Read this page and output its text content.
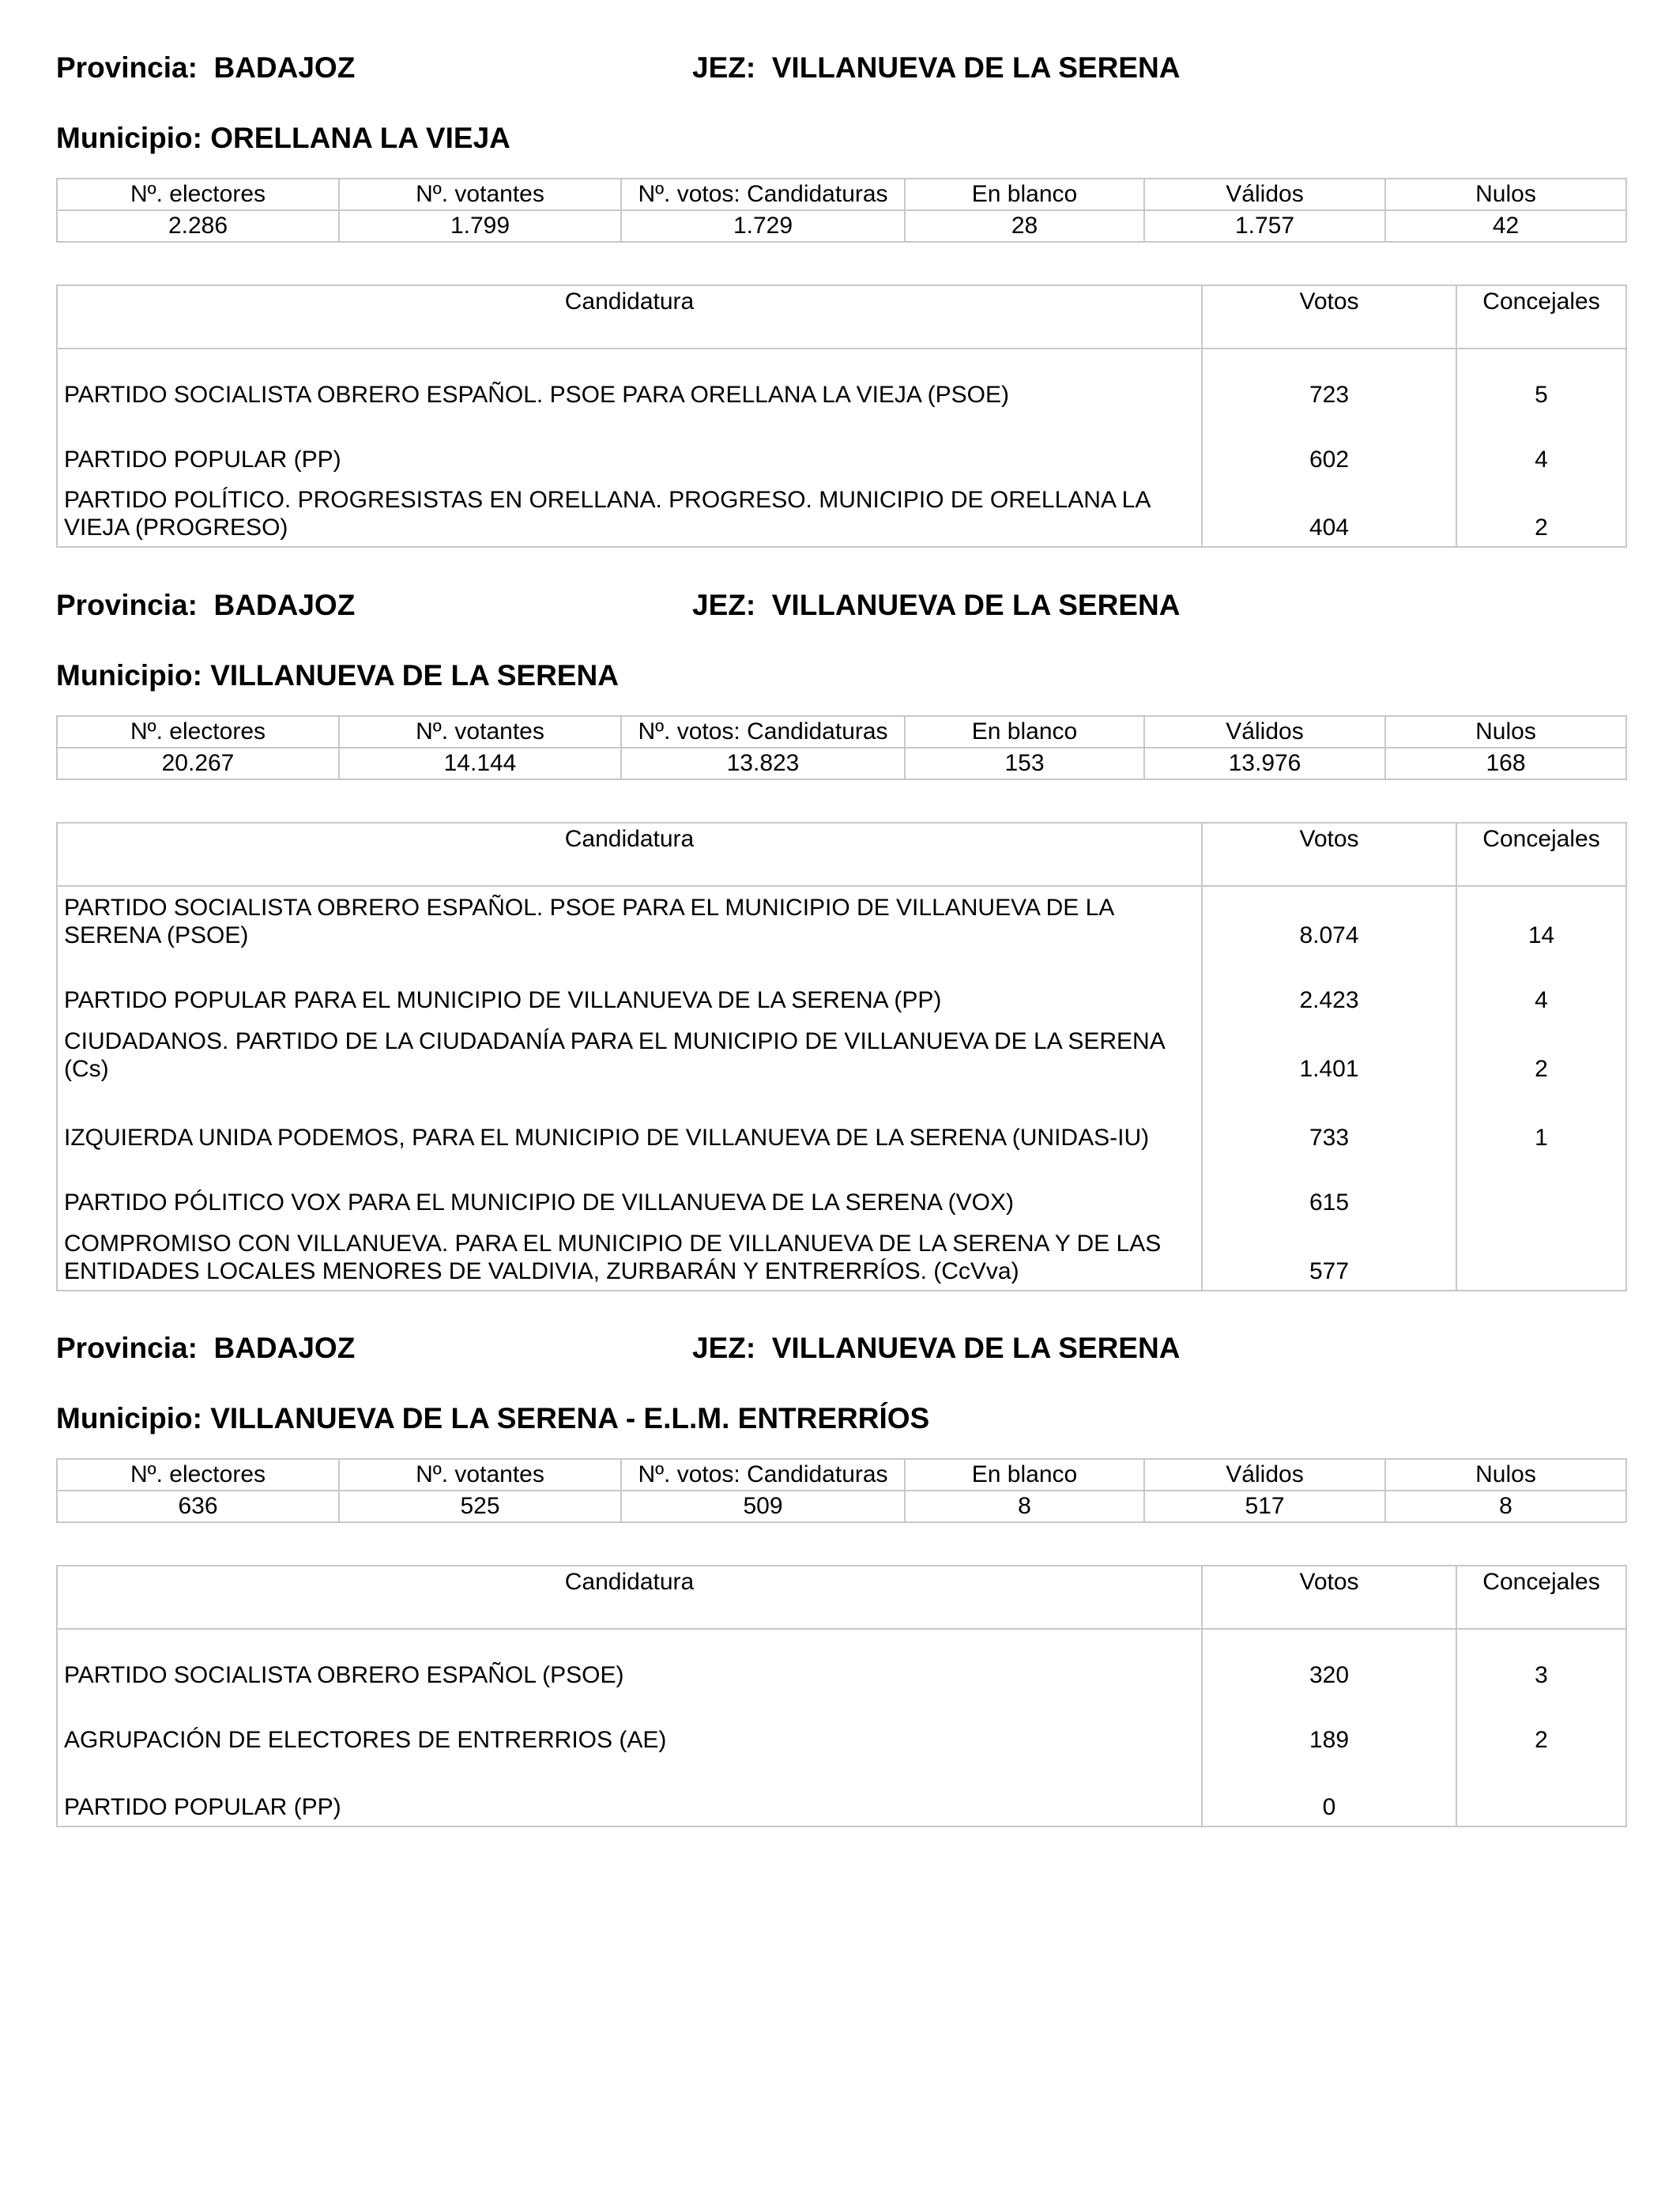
Provincia: BADAJOZ	JEZ: VILLANUEVA DE LA SERENA
Municipio: ORELLANA LA VIEJA
Nº. electores	Nº. votantes	Nº. votos: Candidaturas	En blanco	Válidos	Nulos
2.286	1.799	1.729	28	1.757	42
Candidatura	Votos	Concejales
PARTIDO SOCIALISTA OBRERO ESPAÑOL. PSOE PARA ORELLANA LA VIEJA (PSOE)	723	5
PARTIDO POPULAR (PP)	602	4
PARTIDO POLÍTICO. PROGRESISTAS EN ORELLANA. PROGRESO. MUNICIPIO DE ORELLANA LA VIEJA (PROGRESO)	404	2
Provincia: BADAJOZ	JEZ: VILLANUEVA DE LA SERENA
Municipio: VILLANUEVA DE LA SERENA
Nº. electores	Nº. votantes	Nº. votos: Candidaturas	En blanco	Válidos	Nulos
20.267	14.144	13.823	153	13.976	168
Candidatura	Votos	Concejales
PARTIDO SOCIALISTA OBRERO ESPAÑOL. PSOE PARA EL MUNICIPIO DE VILLANUEVA DE LA SERENA (PSOE)	8.074	14
PARTIDO POPULAR PARA EL MUNICIPIO DE VILLANUEVA DE LA SERENA (PP)	2.423	4
CIUDADANOS. PARTIDO DE LA CIUDADANÍA PARA EL MUNICIPIO DE VILLANUEVA DE LA SERENA (Cs)	1.401	2
IZQUIERDA UNIDA PODEMOS, PARA EL MUNICIPIO DE VILLANUEVA DE LA SERENA (UNIDAS-IU)	733	1
PARTIDO PÓLITICO VOX PARA EL MUNICIPIO DE VILLANUEVA DE LA SERENA (VOX)	615	
COMPROMISO CON VILLANUEVA. PARA EL MUNICIPIO DE VILLANUEVA DE LA SERENA Y DE LAS ENTIDADES LOCALES MENORES DE VALDIVIA, ZURBARÁN Y ENTRERRÍOS. (CcVva)	577	
Provincia: BADAJOZ	JEZ: VILLANUEVA DE LA SERENA
Municipio: VILLANUEVA DE LA SERENA - E.L.M. ENTRERRÍOS
Nº. electores	Nº. votantes	Nº. votos: Candidaturas	En blanco	Válidos	Nulos
636	525	509	8	517	8
Candidatura	Votos	Concejales
PARTIDO SOCIALISTA OBRERO ESPAÑOL (PSOE)	320	3
AGRUPACIÓN DE ELECTORES DE ENTRERRIOS (AE)	189	2
PARTIDO POPULAR (PP)	0	
